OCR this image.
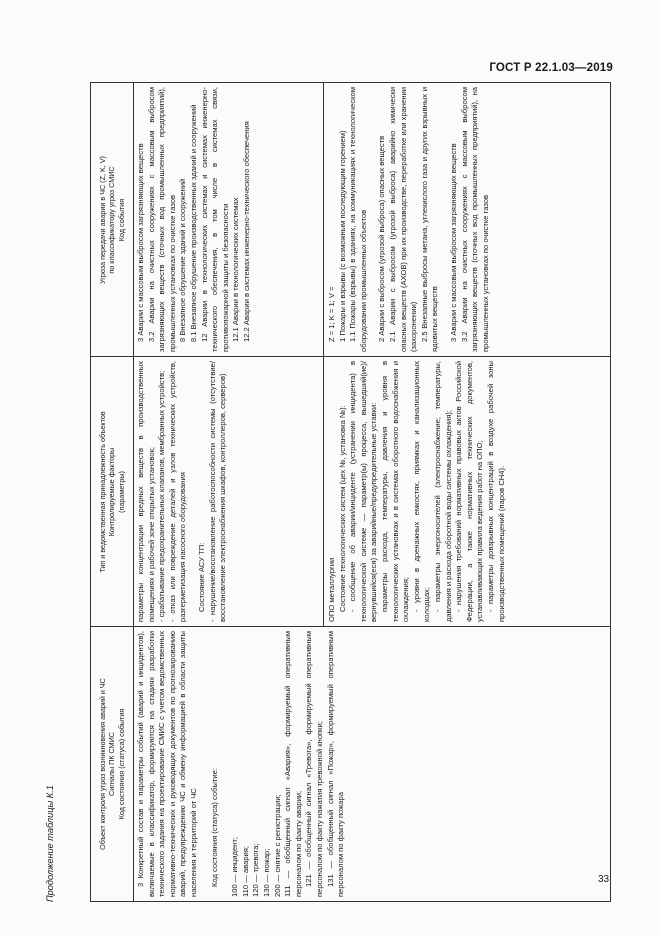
ГОСТ Р 22.1.03—2019
Продолжение таблицы К.1	Объект контроля угроз возникновения аварий и ЧС Сигналы ПК СМИС Код состояния (статуса) события
Тип и ведомственная принадлежность объектов Контролируемые факторы (параметры)
Угроза передачи аварии в ЧС (Z, K, V) по классификатору угроз СМИС Код события

3 Конкретный состав и параметры событий (аварий и инцидентов), включаемые в классификатор, формируются на стадиях разработки технического задания на проектирование СМИС с учетом ведомственных нормативно-технических и руководящих документов по прогнозированию аварий, предупреждению ЧС и обмену информацией в области защиты населения и территорий от ЧС Код состояния (статуса) событие: 100 — инцидент; 110 — авария; 120 — тревога; 130 — пожар; 200 — снятие с регистрации; 111 — обобщенный сигнал «Авария», формируемый оперативным персоналом по факту аварии; 121 — обобщенный сигнал «Тревога», формируемый оперативным персоналом по факту нажатия тревожной кнопки; 131 — обобщенный сигнал «Пожар», формируемый оперативным персоналом по факту пожара

параметры концентрации вредных веществ в производственных помещениях и рабочей зоне открытых установок; - срабатывание предохранительных клапанов, мембранных устройств; - отказ или повреждение деталей и узлов технических устройств, разгерметизация насосного оборудования Состояние АСУ ТП: - нарушение/восстановление работоспособности системы (отсутствие/восстановление электроснабжения шкафов, контроллеров, серверов)

3 Аварии с массовым выбросом загрязняющих веществ 3.2 Аварии на очистных сооружениях с массовым выбросом загрязняющих веществ (сточных вод промышленных предприятий), промышленных установках по очистке газов 8 Внезапное обрушение зданий и сооружений 8.1 Внезапное обрушение производственных зданий и сооружений 12 Аварии в технологических системах и системах инженерно-технического обеспечения, в том числе в системах связи, противопожарной защиты и безопасности 12.1 Аварии в технологических системах 12.2 Аварии в системах инженерно-технического обеспечения

ОПО металлургии Состояние технологических систем (цех №, установка №): - сообщение об аварии/инциденте (устранении инцидента) в технологической системе — параметр(ы) процесса, вышедший(ие)/вернувшийся(еся) за аварийные/предупредительные уставки: параметры расхода, температуры, давления и уровня в технологических установках и в системах оборотного водоснабжения и охлаждения; - уровни в дренажных емкостях, приямках и канализационных колодцах; - параметры энергоносителей (электроснабжение; температуры, давления и расхода оборотной воды системы охлаждения); - нарушения требований нормативных правовых актов Российской Федерации, а также нормативных технических документов, устанавливающих правила ведения работ на ОПО; - параметры довзрывных концентраций в воздухе рабочей зоны производственных помещений (паров CH4).

Z = 1; K = 1; V = 1 Пожары и взрывы (с возможным последующим горением) 1.1 Пожары (взрывы) в зданиях, на коммуникациях и технологическом оборудовании промышленных объектов 2 Аварии с выбросом (угрозой выброса) опасных веществ 2.1 Аварии с выбросом (угрозой выброса) аварийно химически опасных веществ (АХОВ) при их производстве, переработке или хранении (захоронении) 2.5 Внезапные выбросы метана, углекислого газа и других взрывных и ядовитых веществ 3 Аварии с массовым выбросом загрязняющих веществ 3.2 Аварии на очистных сооружениях с массовым выбросом загрязняющих веществ (сточных вод промышленных предприятий), на промышленных установках по очистке газов

33
